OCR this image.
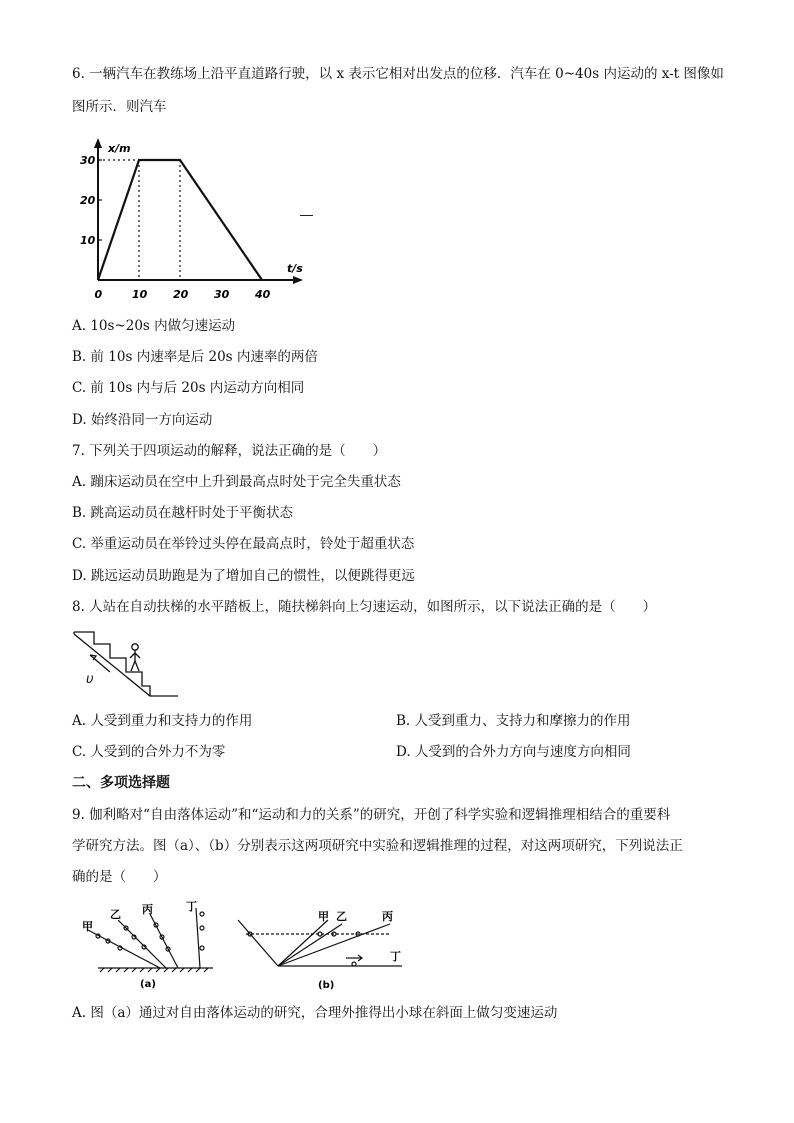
6. 一辆汽车在教练场上沿平直道路行驶，以 x 表示它相对出发点的位移．汽车在 0~40s 内运动的 x-t 图像如
图所示．则汽车
x/m
t/s
0	10 20 30 40
10
20
30
A. 10s~20s 内做匀速运动
B. 前 10s 内速率是后 20s 内速率的两倍
C. 前 10s 内与后 20s 内运动方向相同
D. 始终沿同一方向运动
7. 下列关于四项运动的解释，说法正确的是（　　）
A. 蹦床运动员在空中上升到最高点时处于完全失重状态
B. 跳高运动员在越杆时处于平衡状态
C. 举重运动员在举铃过头停在最高点时，铃处于超重状态
D. 跳远运动员助跑是为了增加自己的惯性，以便跳得更远
8. 人站在自动扶梯的水平踏板上，随扶梯斜向上匀速运动，如图所示，以下说法正确的是（　　）
υ
A. 人受到重力和支持力的作用	B. 人受到重力、支持力和摩擦力的作用
C. 人受到的合外力不为零	D. 人受到的合外力方向与速度方向相同
二、多项选择题
9. 伽利略对“自由落体运动”和“运动和力的关系”的研究，开创了科学实验和逻辑推理相结合的重要科
学研究方法。图（a）、（b）分别表示这两项研究中实验和逻辑推理的过程，对这两项研究，下列说法正
确的是（　　）
甲
乙 丙	丁
(a)
甲 乙	丙
丁
(b)
A. 图（a）通过对自由落体运动的研究，合理外推得出小球在斜面上做匀变速运动
